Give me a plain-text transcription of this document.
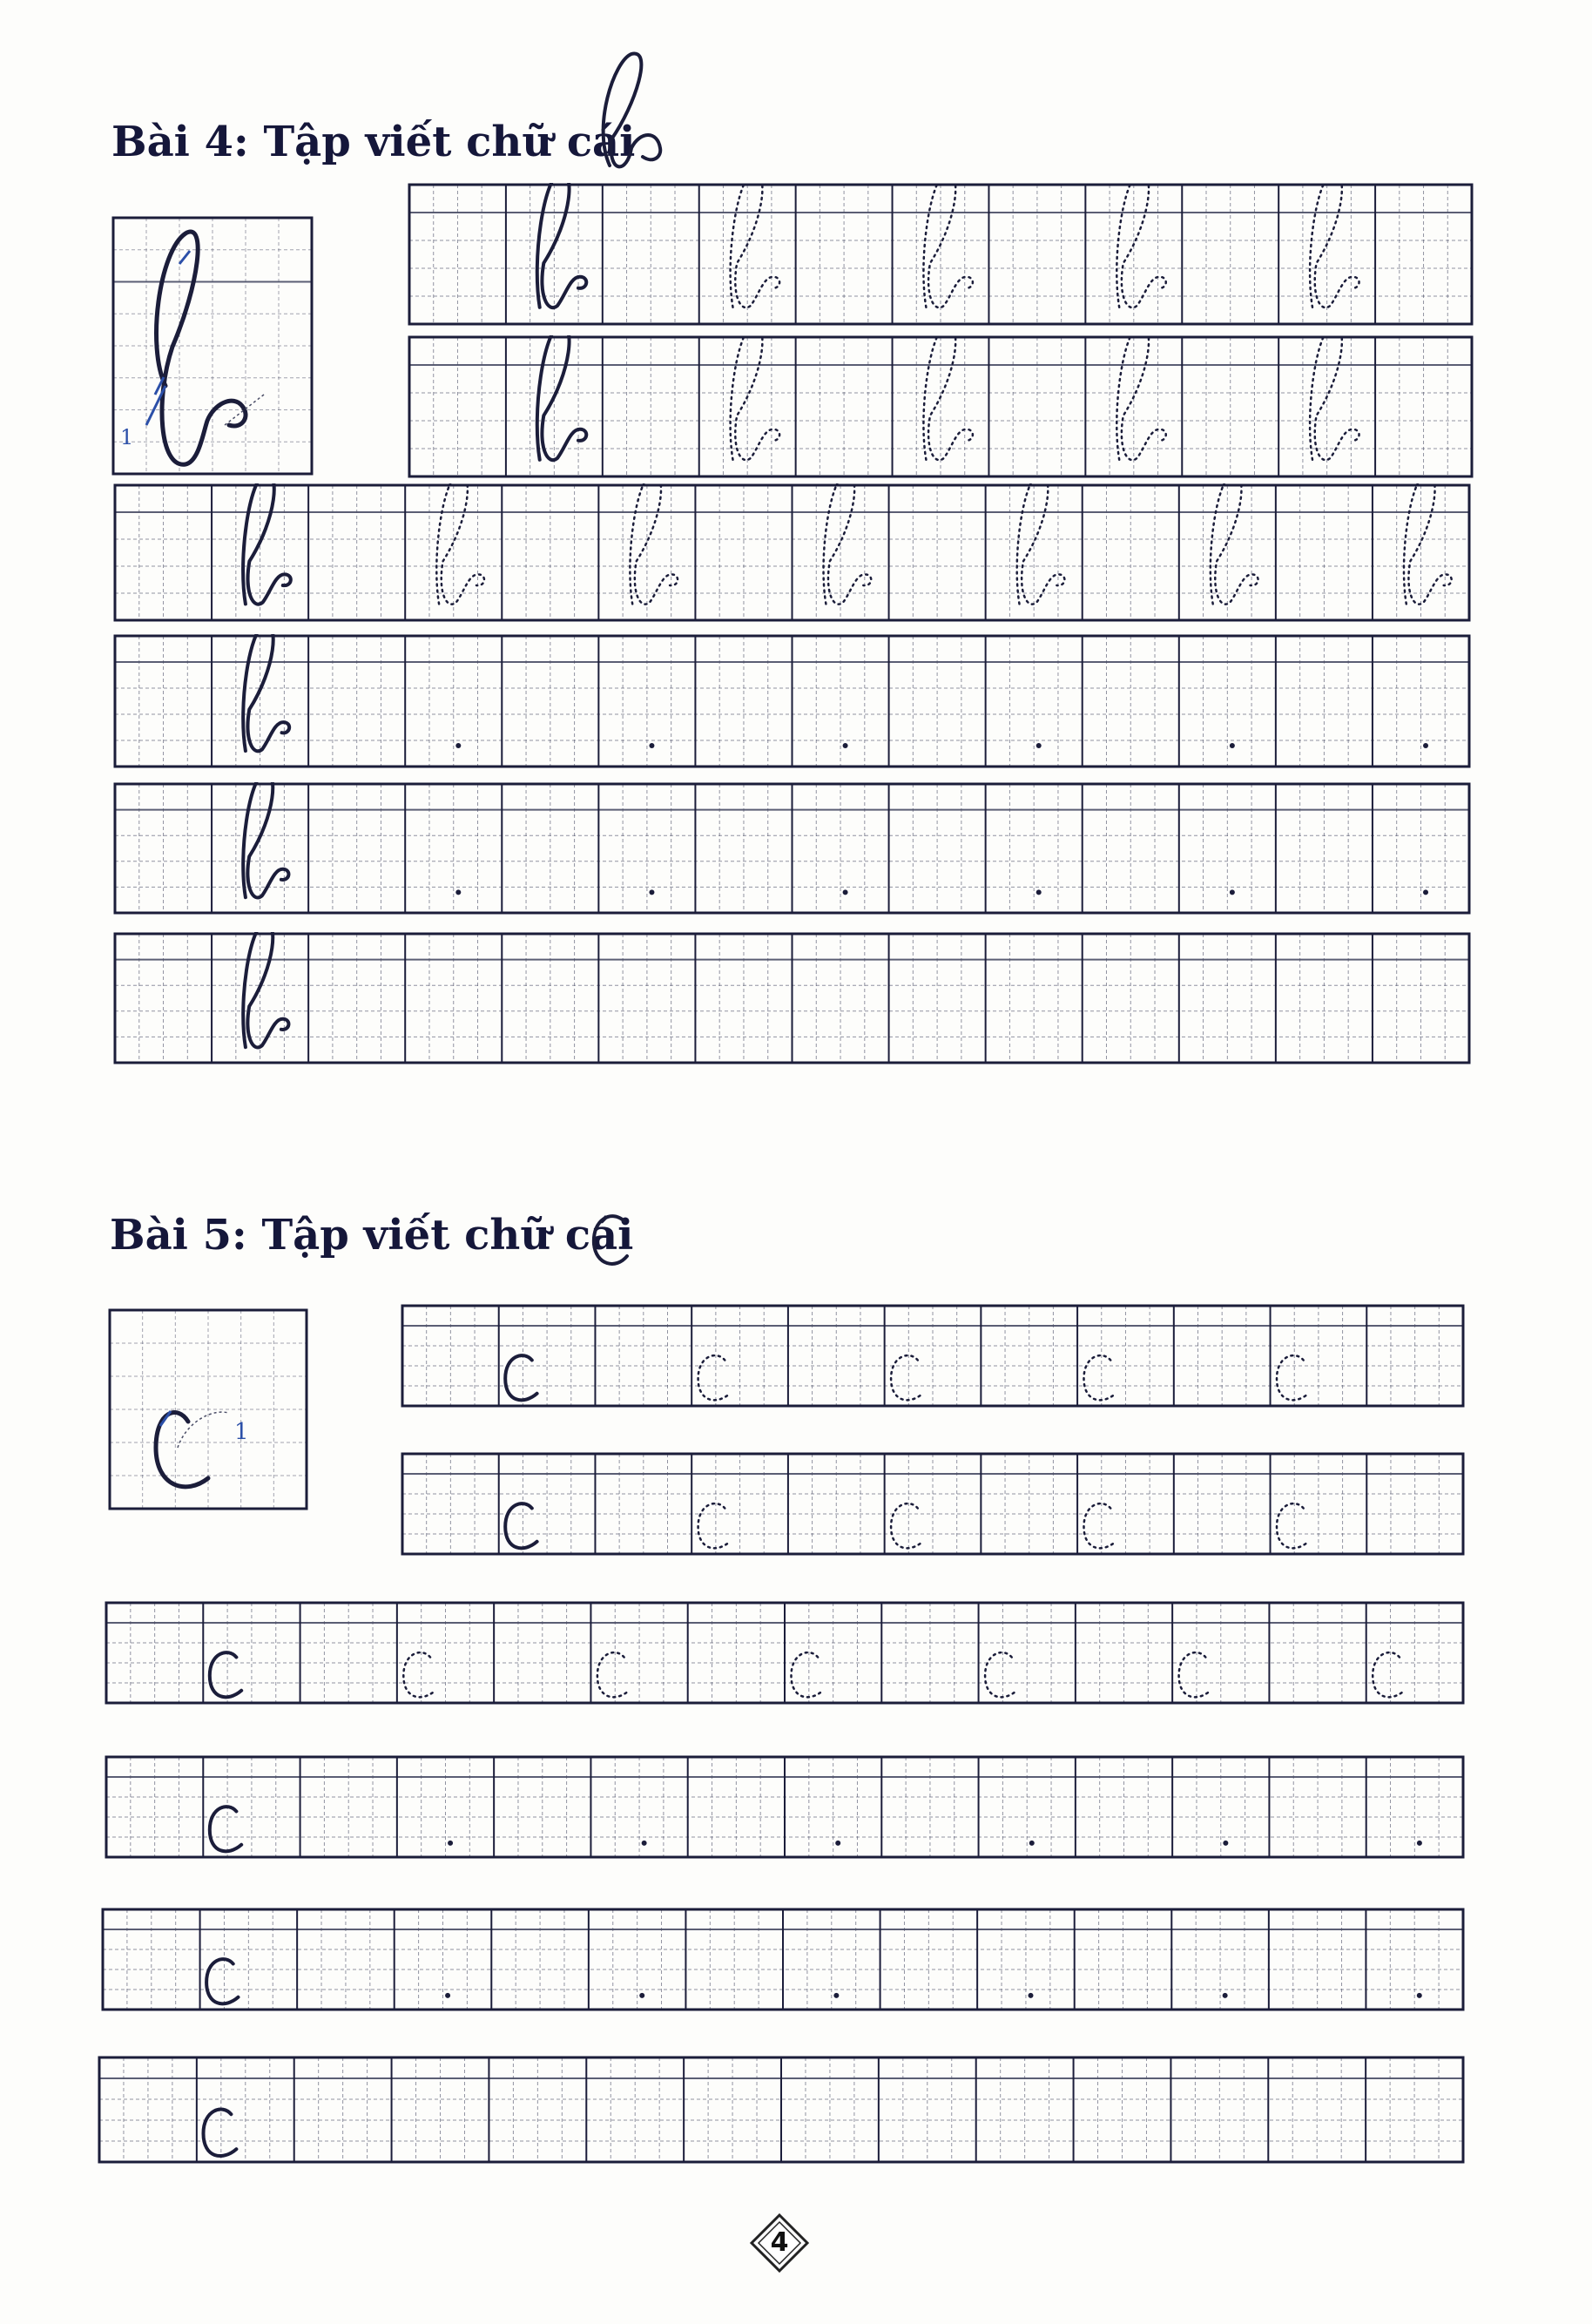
Bài 4: Tập viết chữ cái
1
Bài 5: Tập viết chữ cái
1
4
